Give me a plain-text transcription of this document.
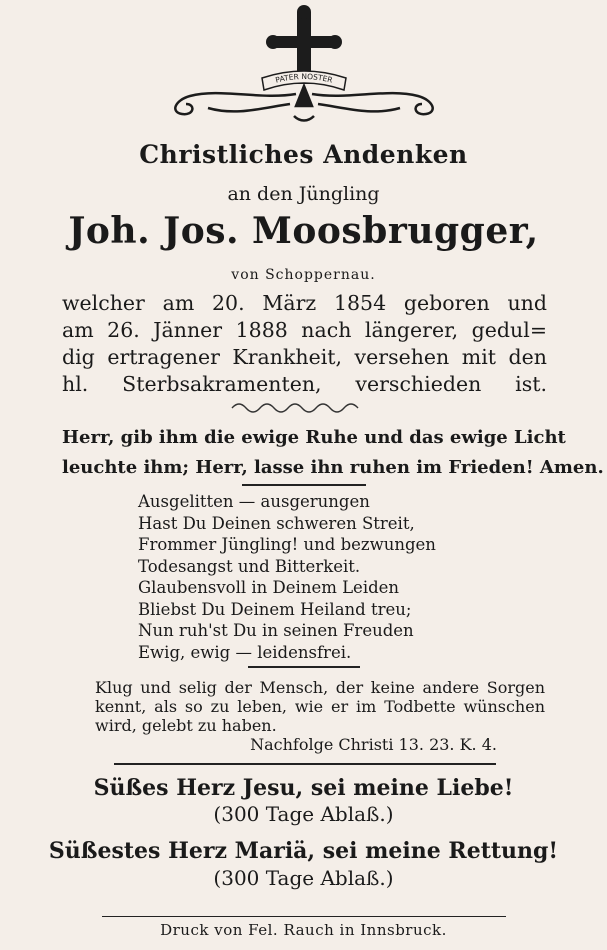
PATER NOSTER
Christliches Andenken
an den Jüngling
Joh. Jos. Moosbrugger,
von Schoppernau.
welcher am 20. März 1854 geboren und
am 26. Jänner 1888 nach längerer, gedul=
dig ertragener Krankheit, versehen mit den
hl. Sterbsakramenten, verschieden ist.
Herr, gib ihm die ewige Ruhe und das ewige Licht
leuchte ihm; Herr, lasse ihn ruhen im Frieden! Amen.
Ausgelitten — ausgerungen
Hast Du Deinen schweren Streit,
Frommer Jüngling! und bezwungen
Todesangst und Bitterkeit.
Glaubensvoll in Deinem Leiden
Bliebst Du Deinem Heiland treu;
Nun ruh'st Du in seinen Freuden
Ewig, ewig — leidensfrei.
Klug und selig der Mensch, der keine andere Sorgen
kennt, als so zu leben, wie er im Todbette wünschen
wird, gelebt zu haben.
Nachfolge Christi 13. 23. K. 4.
Süßes Herz Jesu, sei meine Liebe!
(300 Tage Ablaß.)
Süßestes Herz Mariä, sei meine Rettung!
(300 Tage Ablaß.)
Druck von Fel. Rauch in Innsbruck.
